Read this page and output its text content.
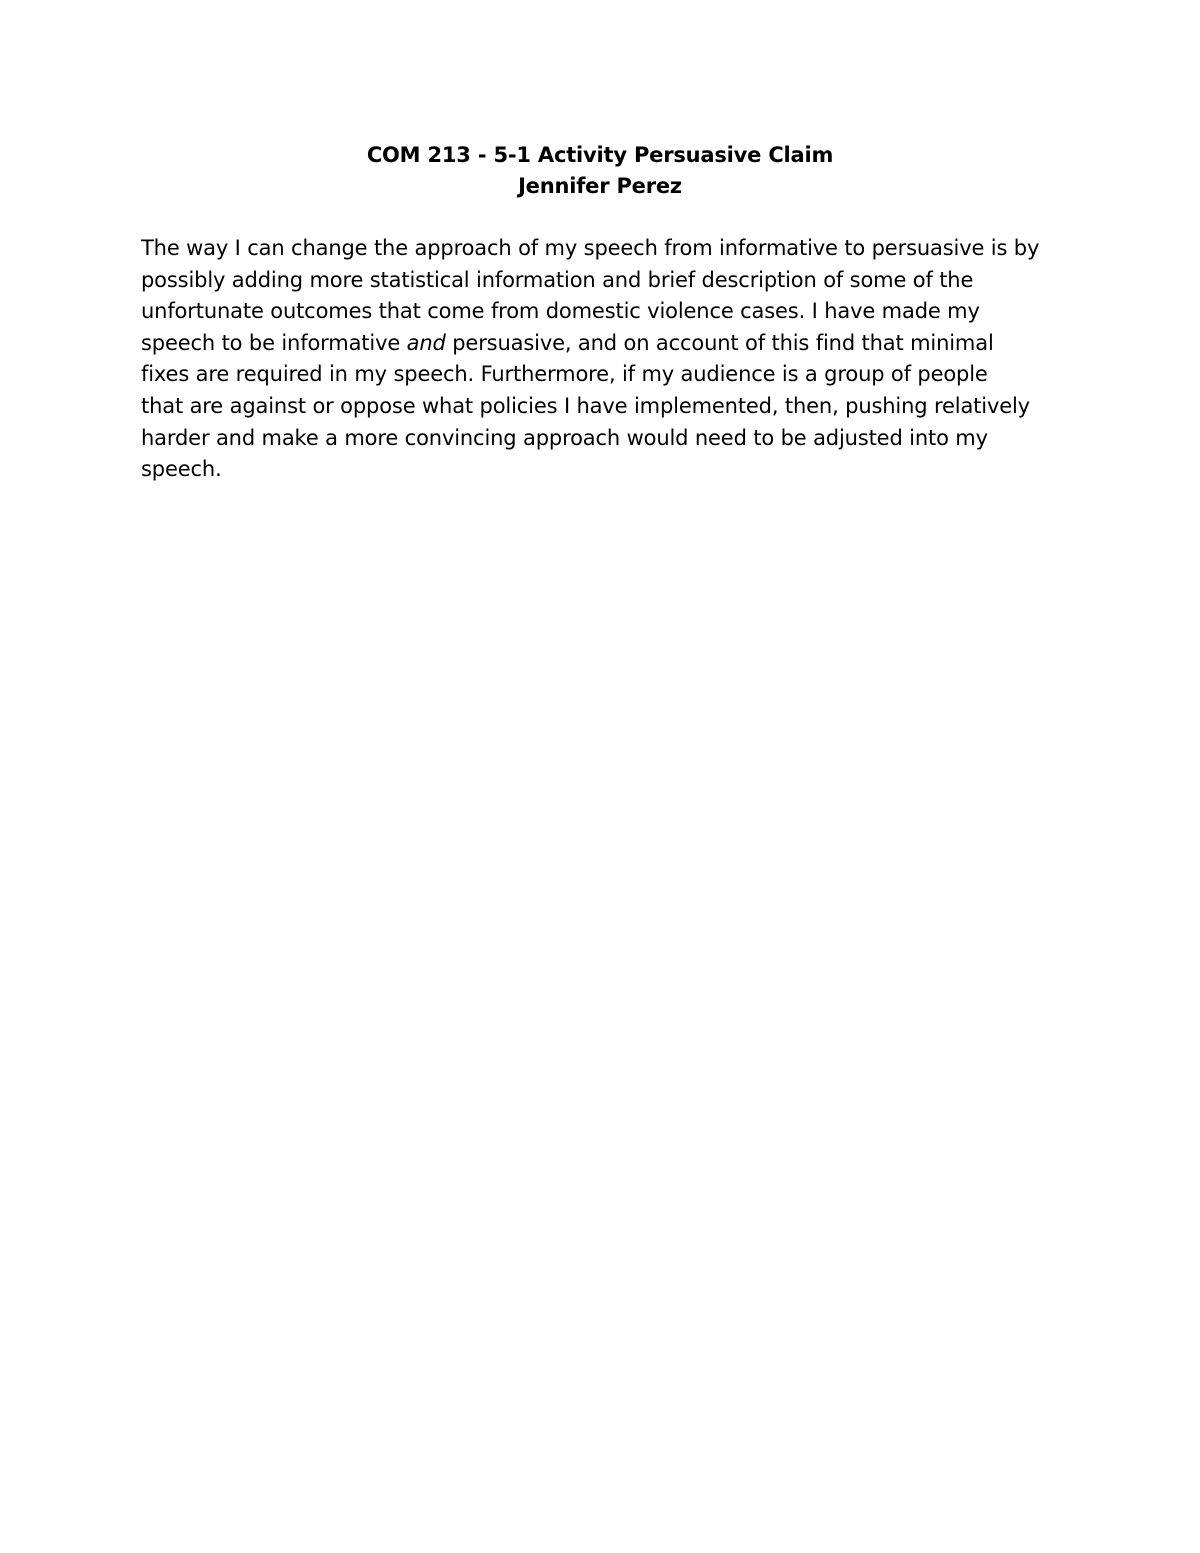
COM 213 - 5-1 Activity Persuasive Claim
Jennifer Perez
The way I can change the approach of my speech from informative to persuasive is by
possibly adding more statistical information and brief description of some of the
unfortunate outcomes that come from domestic violence cases. I have made my
speech to be informative and persuasive, and on account of this find that minimal
fixes are required in my speech. Furthermore, if my audience is a group of people
that are against or oppose what policies I have implemented, then, pushing relatively
harder and make a more convincing approach would need to be adjusted into my
speech.
